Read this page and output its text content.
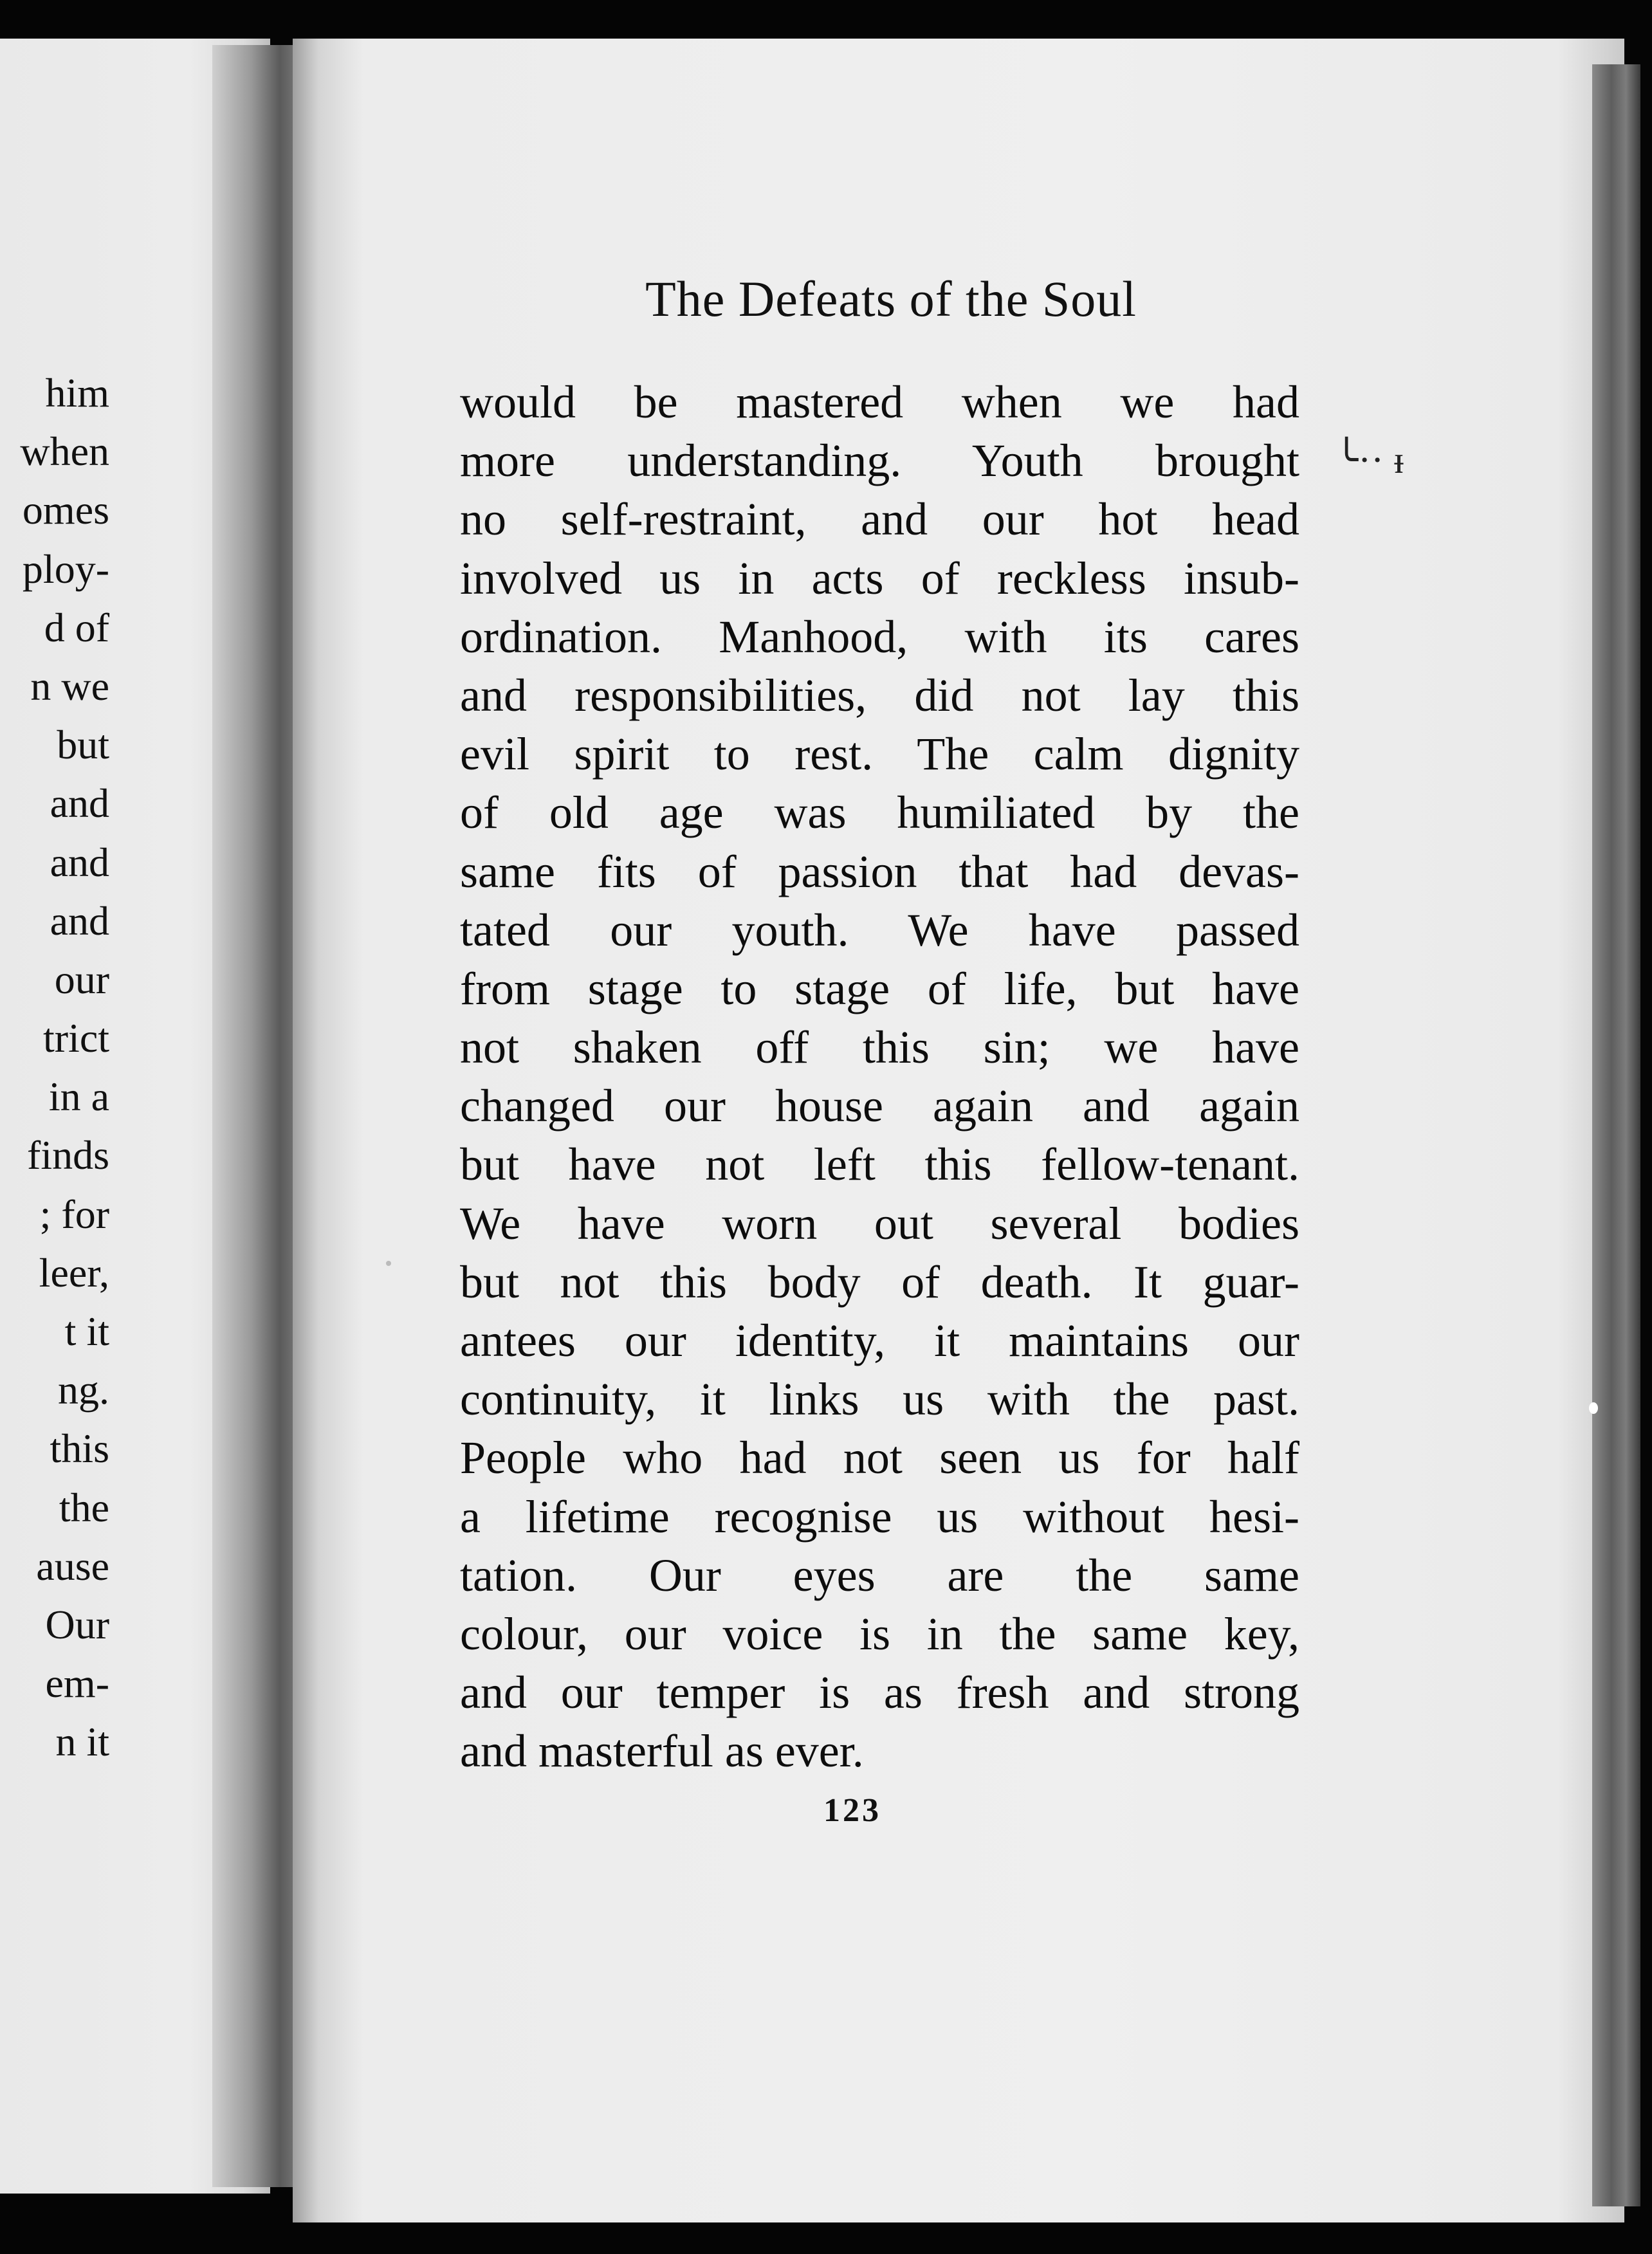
him
when
omes
ploy-
d of
n we
but
and
and
and
our
trict
in a
finds
; for
leer,
t it
ng.
this
the
ause
Our
em-
n it
The Defeats of the Soul
would be mastered when we had
more understanding. Youth brought
no self-restraint, and our hot head
involved us in acts of reckless insub-
ordination. Manhood, with its cares
and responsibilities, did not lay this
evil spirit to rest. The calm dignity
of old age was humiliated by the
same fits of passion that had devas-
tated our youth. We have passed
from stage to stage of life, but have
not shaken off this sin; we have
changed our house again and again
but have not left this fellow-tenant.
We have worn out several bodies
but not this body of death. It guar-
antees our identity, it maintains our
continuity, it links us with the past.
People who had not seen us for half
a lifetime recognise us without hesi-
tation. Our eyes are the same
colour, our voice is in the same key,
and our temper is as fresh and strong
and masterful as ever.
╰·· ᵻ
123
